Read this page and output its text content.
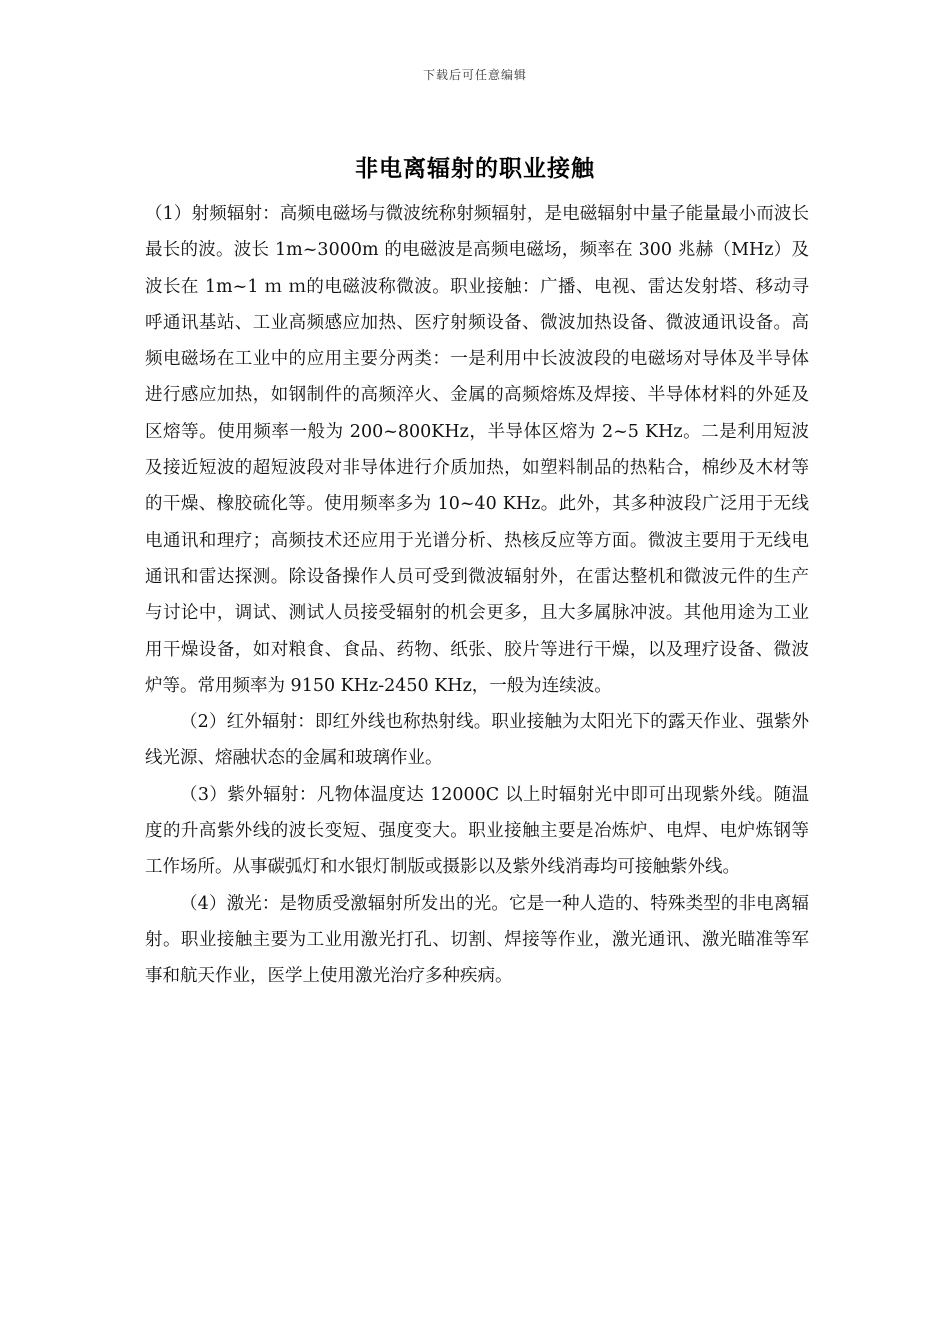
下载后可任意编辑
非电离辐射的职业接触

（1）射频辐射：高频电磁场与微波统称射频辐射，是电磁辐射中量子能量最小而波长最长的波。波长 1m~3000m 的电磁波是高频电磁场，频率在 300 兆赫（MHz）及波长在 1m~1 ｍ ｍ的电磁波称微波。职业接触：广播、电视、雷达发射塔、移动寻呼通讯基站、工业高频感应加热、医疗射频设备、微波加热设备、微波通讯设备。高频电磁场在工业中的应用主要分两类：一是利用中长波波段的电磁场对导体及半导体进行感应加热，如钢制件的高频淬火、金属的高频熔炼及焊接、半导体材料的外延及区熔等。使用频率一般为 200~800KHz，半导体区熔为 2~5 KHz。二是利用短波及接近短波的超短波段对非导体进行介质加热，如塑料制品的热粘合，棉纱及木材等的干燥、橡胶硫化等。使用频率多为 10~40 KHz。此外，其多种波段广泛用于无线电通讯和理疗；高频技术还应用于光谱分析、热核反应等方面。微波主要用于无线电通讯和雷达探测。除设备操作人员可受到微波辐射外，在雷达整机和微波元件的生产与讨论中，调试、测试人员接受辐射的机会更多，且大多属脉冲波。其他用途为工业用干燥设备，如对粮食、食品、药物、纸张、胶片等进行干燥，以及理疗设备、微波炉等。常用频率为 9150 KHz-2450 KHz，一般为连续波。

（2）红外辐射：即红外线也称热射线。职业接触为太阳光下的露天作业、强紫外线光源、熔融状态的金属和玻璃作业。

（3）紫外辐射：凡物体温度达 12000C 以上时辐射光中即可出现紫外线。随温度的升高紫外线的波长变短、强度变大。职业接触主要是冶炼炉、电焊、电炉炼钢等工作场所。从事碳弧灯和水银灯制版或摄影以及紫外线消毒均可接触紫外线。

（4）激光：是物质受激辐射所发出的光。它是一种人造的、特殊类型的非电离辐射。职业接触主要为工业用激光打孔、切割、焊接等作业，激光通讯、激光瞄准等军事和航天作业，医学上使用激光治疗多种疾病。
